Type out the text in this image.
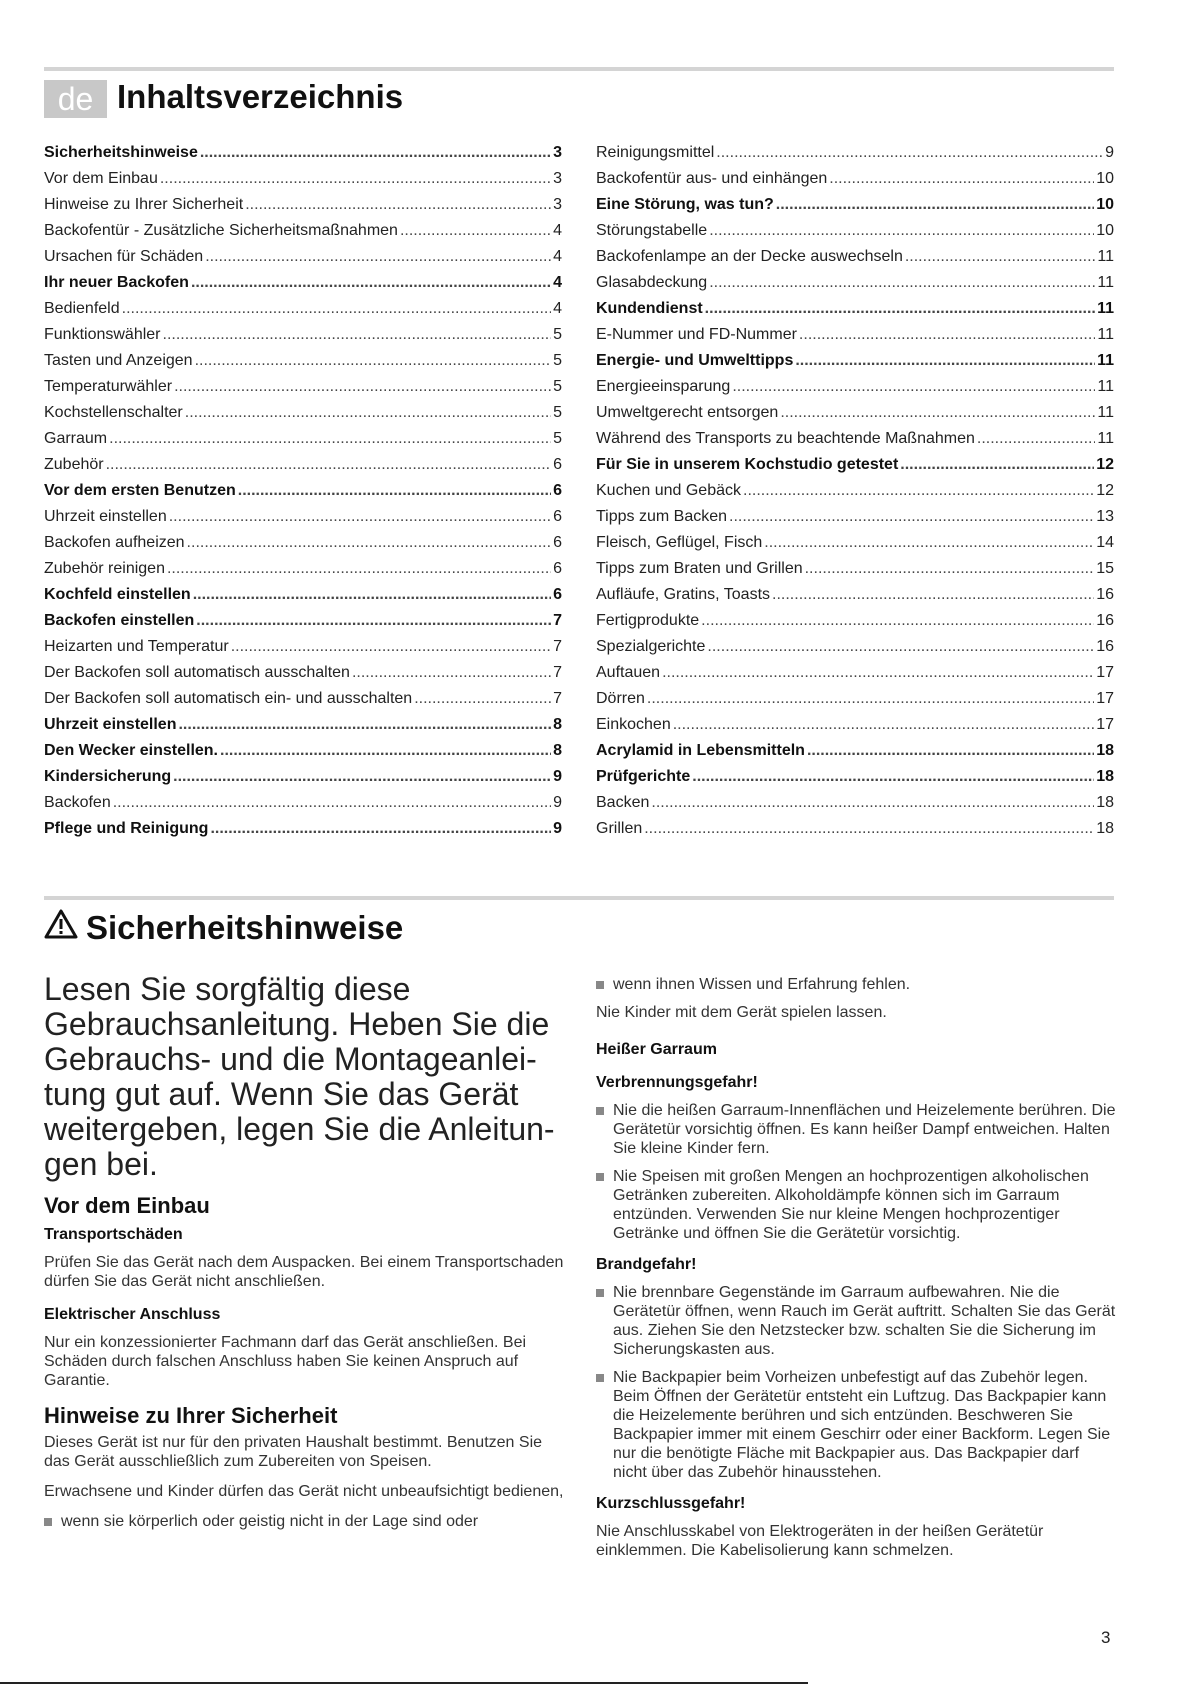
de Inhaltsverzeichnis
Sicherheitshinweise .....	3
Vor dem Einbau .....	3
Hinweise zu Ihrer Sicherheit .....	3
Backofentür - Zusätzliche Sicherheitsmaßnahmen .....	4
Ursachen für Schäden .....	4
Ihr neuer Backofen .....	4
Bedienfeld .....	4
Funktionswähler .....	5
Tasten und Anzeigen .....	5
Temperaturwähler .....	5
Kochstellenschalter .....	5
Garraum .....	5
Zubehör .....	6
Vor dem ersten Benutzen .....	6
Uhrzeit einstellen .....	6
Backofen aufheizen .....	6
Zubehör reinigen .....	6
Kochfeld einstellen .....	6
Backofen einstellen .....	7
Heizarten und Temperatur .....	7
Der Backofen soll automatisch ausschalten .....	7
Der Backofen soll automatisch ein- und ausschalten .....	7
Uhrzeit einstellen .....	8
Den Wecker einstellen. .....	8
Kindersicherung .....	9
Backofen .....	9
Pflege und Reinigung .....	9
Reinigungsmittel .....	9
Backofentür aus- und einhängen .....	10
Eine Störung, was tun? .....	10
Störungstabelle .....	10
Backofenlampe an der Decke auswechseln .....	11
Glasabdeckung .....	11
Kundendienst .....	11
E-Nummer und FD-Nummer .....	11
Energie- und Umwelttipps .....	11
Energieeinsparung .....	11
Umweltgerecht entsorgen .....	11
Während des Transports zu beachtende Maßnahmen .....	11
Für Sie in unserem Kochstudio getestet .....	12
Kuchen und Gebäck .....	12
Tipps zum Backen .....	13
Fleisch, Geflügel, Fisch .....	14
Tipps zum Braten und Grillen .....	15
Aufläufe, Gratins, Toasts .....	16
Fertigprodukte .....	16
Spezialgerichte .....	16
Auftauen .....	17
Dörren .....	17
Einkochen .....	17
Acrylamid in Lebensmitteln .....	18
Prüfgerichte .....	18
Backen .....	18
Grillen .....	18
Sicherheitshinweise

Lesen Sie sorgfältig diese Gebrauchsanleitung. Heben Sie die Gebrauchs- und die Montageanleitung gut auf. Wenn Sie das Gerät weitergeben, legen Sie die Anleitungen bei.

Vor dem Einbau
Transportschäden

Prüfen Sie das Gerät nach dem Auspacken. Bei einem Transportschaden dürfen Sie das Gerät nicht anschließen.

Elektrischer Anschluss

Nur ein konzessionierter Fachmann darf das Gerät anschließen. Bei Schäden durch falschen Anschluss haben Sie keinen Anspruch auf Garantie.

Hinweise zu Ihrer Sicherheit

Dieses Gerät ist nur für den privaten Haushalt bestimmt. Benutzen Sie das Gerät ausschließlich zum Zubereiten von Speisen.

Erwachsene und Kinder dürfen das Gerät nicht unbeaufsichtigt bedienen,

wenn sie körperlich oder geistig nicht in der Lage sind oder
wenn ihnen Wissen und Erfahrung fehlen.

Nie Kinder mit dem Gerät spielen lassen.

Heißer Garraum
Verbrennungsgefahr!
Nie die heißen Garraum-Innenflächen und Heizelemente berühren. Die Gerätetür vorsichtig öffnen. Es kann heißer Dampf entweichen. Halten Sie kleine Kinder fern.
Nie Speisen mit großen Mengen an hochprozentigen alkoholischen Getränken zubereiten. Alkoholdämpfe können sich im Garraum entzünden. Verwenden Sie nur kleine Mengen hochprozentiger Getränke und öffnen Sie die Gerätetür vorsichtig.
Brandgefahr!
Nie brennbare Gegenstände im Garraum aufbewahren. Nie die Gerätetür öffnen, wenn Rauch im Gerät auftritt. Schalten Sie das Gerät aus. Ziehen Sie den Netzstecker bzw. schalten Sie die Sicherung im Sicherungskasten aus.
Nie Backpapier beim Vorheizen unbefestigt auf das Zubehör legen. Beim Öffnen der Gerätetür entsteht ein Luftzug. Das Backpapier kann die Heizelemente berühren und sich entzünden. Beschweren Sie Backpapier immer mit einem Geschirr oder einer Backform. Legen Sie nur die benötigte Fläche mit Backpapier aus. Das Backpapier darf nicht über das Zubehör hinausstehen.
Kurzschlussgefahr!

Nie Anschlusskabel von Elektrogeräten in der heißen Gerätetür einklemmen. Die Kabelisolierung kann schmelzen.

3
